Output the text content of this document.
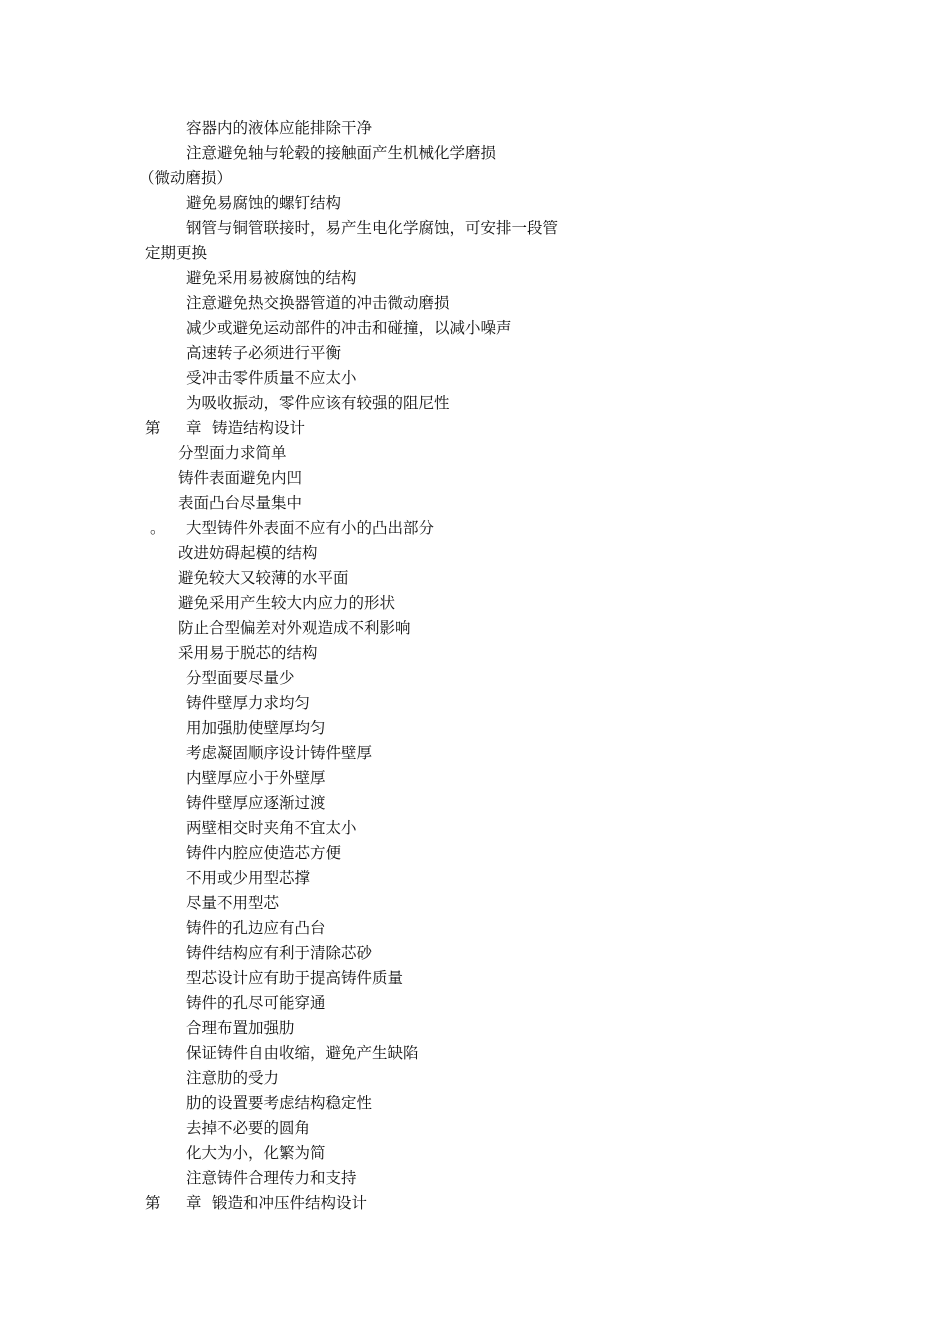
容器内的液体应能排除干净
注意避免轴与轮毂的接触面产生机械化学磨损
（微动磨损）
避免易腐蚀的螺钉结构
钢管与铜管联接时，易产生电化学腐蚀，可安排一段管
定期更换
避免采用易被腐蚀的结构
注意避免热交换器管道的冲击微动磨损
减少或避免运动部件的冲击和碰撞，以减小噪声
高速转子必须进行平衡
受冲击零件质量不应太小
为吸收振动，零件应该有较强的阻尼性
第 章 铸造结构设计
分型面力求简单
铸件表面避免内凹
表面凸台尽量集中
。 大型铸件外表面不应有小的凸出部分
改进妨碍起模的结构
避免较大又较薄的水平面
避免采用产生较大内应力的形状
防止合型偏差对外观造成不利影响
采用易于脱芯的结构
分型面要尽量少
铸件壁厚力求均匀
用加强肋使壁厚均匀
考虑凝固顺序设计铸件壁厚
内壁厚应小于外壁厚
铸件壁厚应逐渐过渡
两壁相交时夹角不宜太小
铸件内腔应使造芯方便
不用或少用型芯撑
尽量不用型芯
铸件的孔边应有凸台
铸件结构应有利于清除芯砂
型芯设计应有助于提高铸件质量
铸件的孔尽可能穿通
合理布置加强肋
保证铸件自由收缩，避免产生缺陷
注意肋的受力
肋的设置要考虑结构稳定性
去掉不必要的圆角
化大为小，化繁为简
注意铸件合理传力和支持
第 章 锻造和冲压件结构设计
